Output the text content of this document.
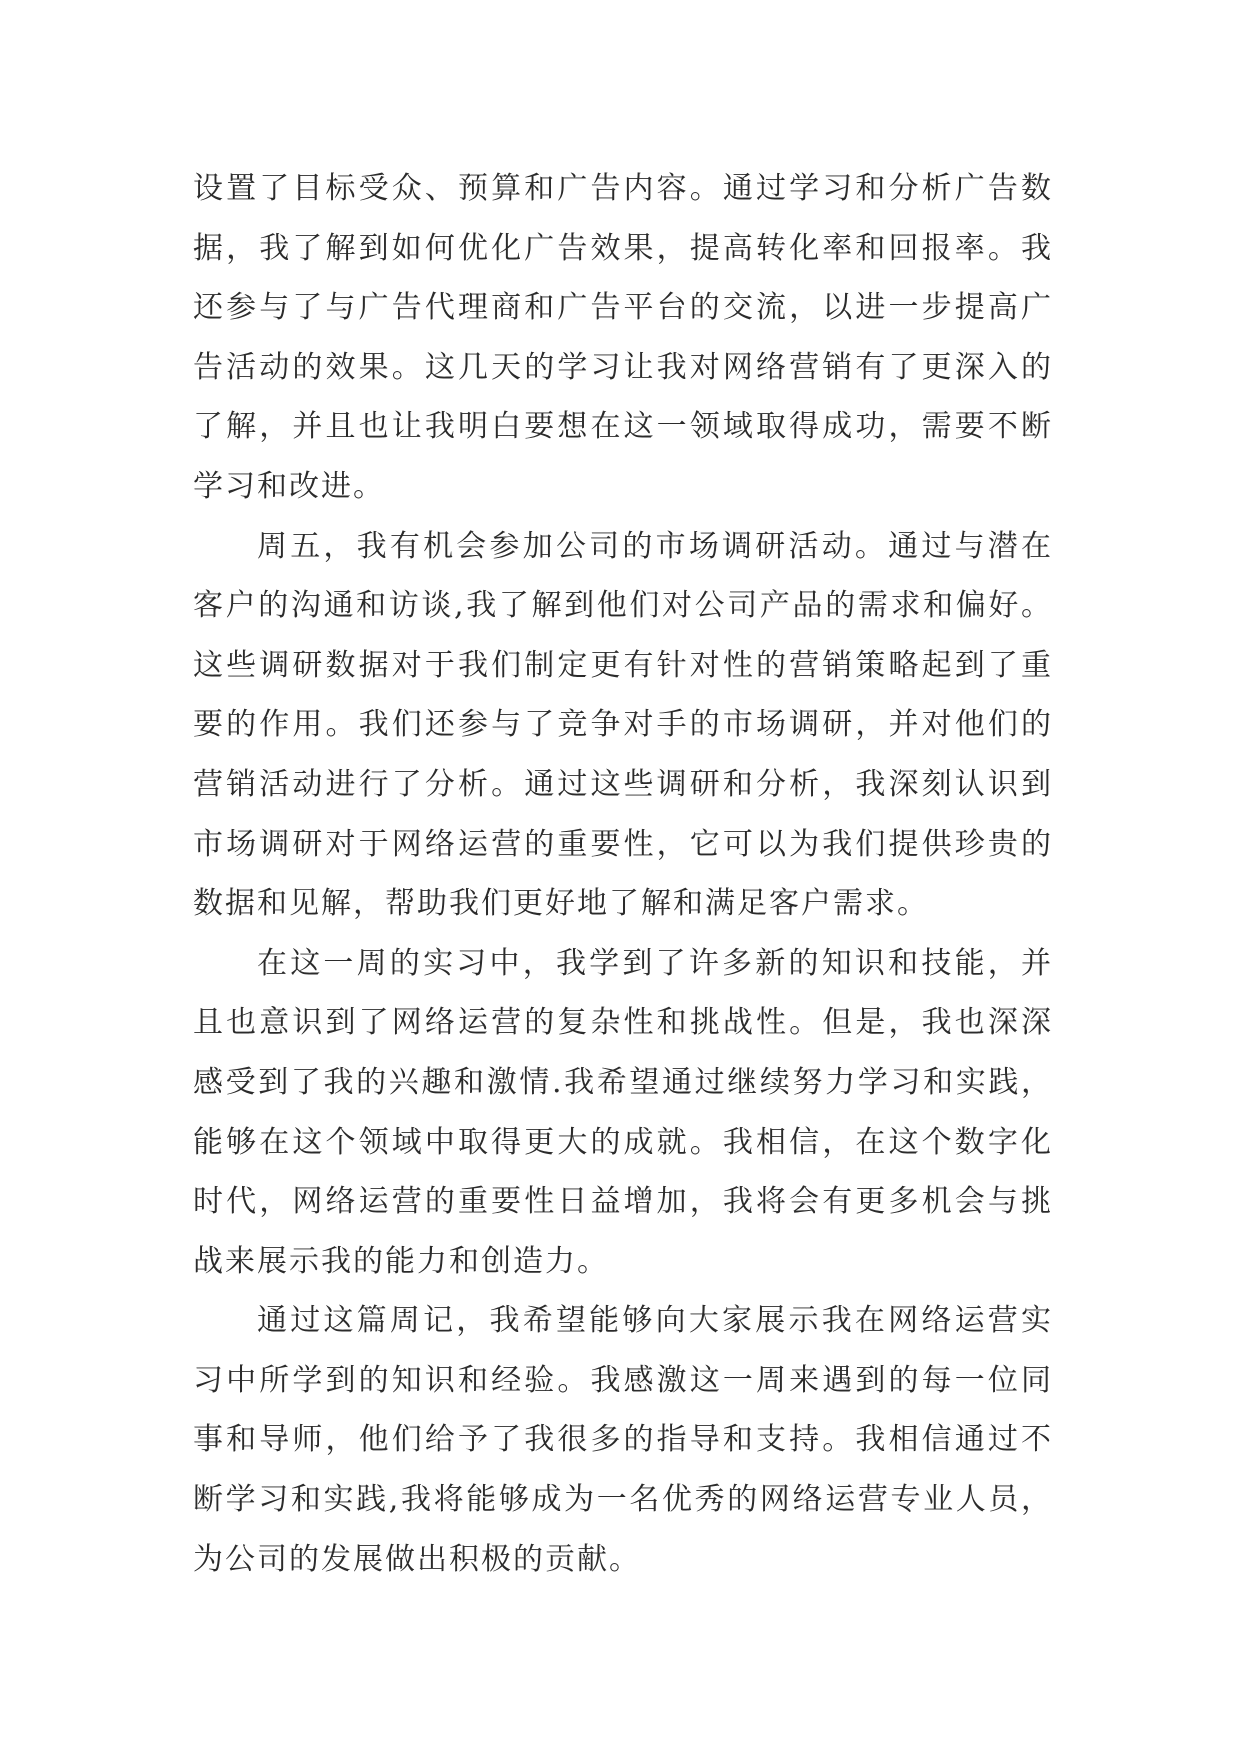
设置了目标受众、预算和广告内容。通过学习和分析广告数据，我了解到如何优化广告效果，提高转化率和回报率。我还参与了与广告代理商和广告平台的交流，以进一步提高广告活动的效果。这几天的学习让我对网络营销有了更深入的了解，并且也让我明白要想在这一领域取得成功，需要不断学习和改进。

周五，我有机会参加公司的市场调研活动。通过与潜在客户的沟通和访谈,我了解到他们对公司产品的需求和偏好。这些调研数据对于我们制定更有针对性的营销策略起到了重要的作用。我们还参与了竞争对手的市场调研，并对他们的营销活动进行了分析。通过这些调研和分析，我深刻认识到市场调研对于网络运营的重要性，它可以为我们提供珍贵的数据和见解，帮助我们更好地了解和满足客户需求。

在这一周的实习中，我学到了许多新的知识和技能，并且也意识到了网络运营的复杂性和挑战性。但是，我也深深感受到了我的兴趣和激情.我希望通过继续努力学习和实践，能够在这个领域中取得更大的成就。我相信，在这个数字化时代，网络运营的重要性日益增加，我将会有更多机会与挑战来展示我的能力和创造力。

通过这篇周记，我希望能够向大家展示我在网络运营实习中所学到的知识和经验。我感激这一周来遇到的每一位同事和导师，他们给予了我很多的指导和支持。我相信通过不断学习和实践,我将能够成为一名优秀的网络运营专业人员，为公司的发展做出积极的贡献。
